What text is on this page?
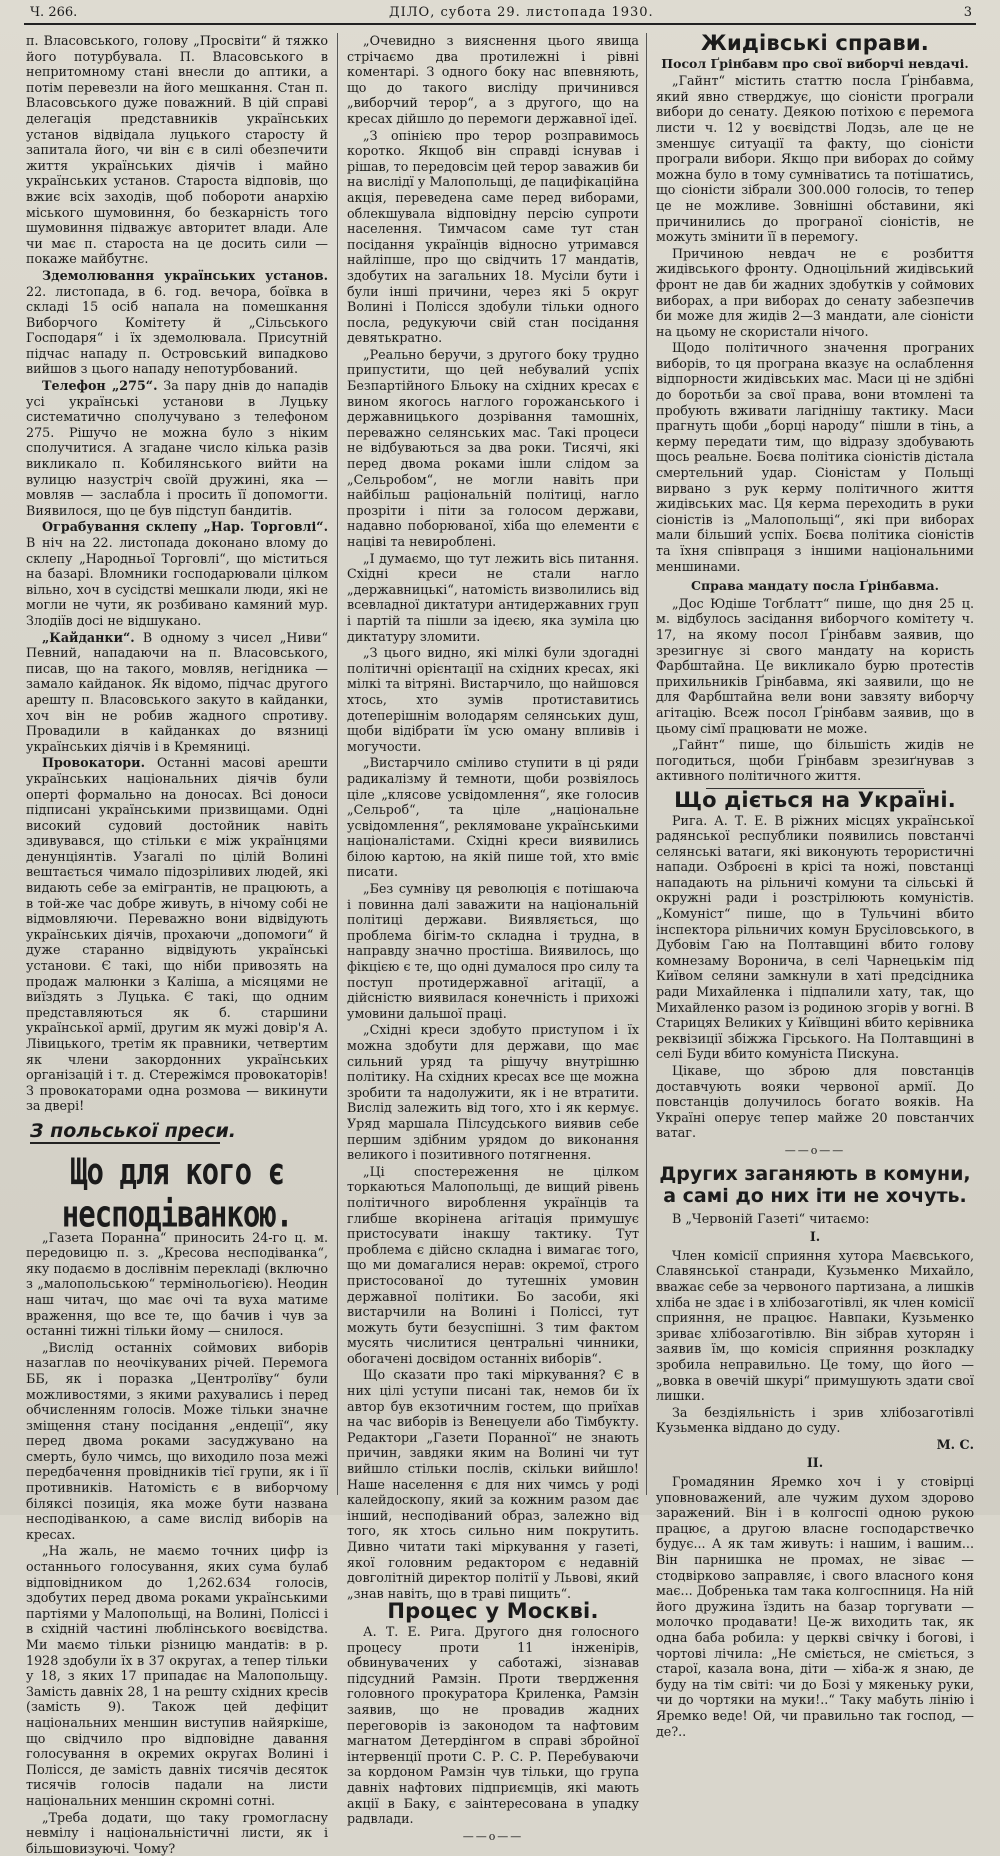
Ч. 266.	ДІЛО, субота 29. листопада 1930.	3

п. Власовського, голову „Просвіти“ й тяжко його потурбувала. П. Власовського в непритомному стані внесли до аптики, а потім перевезли на його мешкання. Стан п. Власовського дуже поважний. В цій справі делегація представників українських установ відвідала луцького старосту й запитала його, чи він є в силі обезпечити життя українських діячів і майно українських установ. Староста відповів, що вжиє всіх заходів, щоб побороти анархію міського шумовиння, бо безкарність того шумовиння підважує авторитет влади. Але чи має п. староста на це досить сили — покаже майбутнє.

Здемолювання українських установ. 22. листопада, в 6. год. вечора, боївка в складі 15 осіб напала на помешкання Виборчого Комітету й „Сільського Господаря“ і їх здемолювала. Присутній підчас нападу п. Островський випадково вийшов з цього нападу непотурбований.

Телефон „275“. За пару днів до нападів усі українські установи в Луцьку систематично сполучувано з телефоном 275. Рішучо не можна було з ніким сполучитися. А згадане число кілька разів викликало п. Кобилянського вийти на вулицю назустріч своїй дружині, яка — мовляв — заслабла і просить її допомогти. Виявилося, що це був підступ бандитів.

Ограбування склепу „Нар. Торговлі“. В ніч на 22. листопада доконано влому до склепу „Народньої Торговлі“, що міститься на базарі. Вломники господарювали цілком вільно, хоч в сусідстві мешкали люди, які не могли не чути, як розбивано камяний мур. Злодіїв досі не відшукано.

„Кайданки“. В одному з чисел „Ниви“ Певний, нападаючи на п. Власовського, писав, що на такого, мовляв, негідника — замало кайданок. Як відомо, підчас другого арешту п. Власовського закуто в кайданки, хоч він не робив жадного спротиву. Провадили в кайданках до вязниці українських діячів і в Кремяниці.

Провокатори. Останні масові арешти українських національних діячів були оперті формально на доносах. Всі доноси підписані українськими призвищами. Одні високий судовий достойник навіть здивувався, що стільки є між українцями денунціянтів. Узагалі по цілій Волині вештається чимало підозріливих людей, які видають себе за емігрантів, не працюють, а в той-же час добре живуть, в нічому собі не відмовляючи. Переважно вони відвідують українських діячів, прохаючи „допомоги“ й дуже старанно відвідують українські установи. Є такі, що ніби привозять на продаж малюнки з Каліша, а місяцями не виїздять з Луцька. Є такі, що одним представляються як б. старшини української армії, другим як мужі довір'я А. Лівицького, третім як правники, четвертим як члени закордонних українських організацій і т. д. Стережімся провокаторів! З провокаторами одна розмова — викинути за двері!

З польської преси.
Що для кого є несподіванкою.

„Газета Поранна“ приносить 24-го ц. м. передовицю п. з. „Кресова несподіванка“, яку подаємо в дослівнім перекладі (включно з „малопольською“ термінольогією). Неодин наш читач, що має очі та вуха матиме враження, що все те, що бачив і чув за останні тижні тільки йому — снилося.

„Вислід останніх соймових виборів назаглав по неочікуваних річей. Перемога ББ, як і поразка „Центролїву“ були можливостями, з якими рахувались і перед обчисленням голосів. Може тільки значне зміщення стану посідання „ендеції“, яку перед двома роками засуджувано на смерть, було чимсь, що виходило поза межі передбачення провідників тієї групи, як і її противників. Натомість є в виборчому біляксі позиція, яка може бути названа несподіванкою, а саме вислід виборів на кресах.

„На жаль, не маємо точних цифр із останнього голосування, яких сума булаб відповідником до 1,262.634 голосів, здобутих перед двома роками українськими партіями у Малопольщі, на Волині, Поліссі і в східній частині люблінського воєвідства. Ми маємо тільки різницю мандатів: в р. 1928 здобули їх в 37 округах, а тепер тільки у 18, з яких 17 припадає на Малопольщу. Замість давніх 28, 1 на решту східних кресів (замість 9). Також цей дефіцит національних меншин виступив найяркіше, що свідчило про відповідне давання голосування в окремих округах Волині і Полісся, де замість давніх тисячів десяток тисячів голосів падали на листи національних меншин скромні сотні.

„Треба додати, що таку громогласну невмілу і національністичні листи, як і більшовизуючі. Чому?

„Очевидно з вияснення цього явища стрічаємо два протилежні і рівні коментарі. З одного боку нас впевняють, що до такого висліду причинився „виборчий терор“, а з другого, що на кресах дійшло до перемоги державної ідеї.

„З опінією про терор розправимось коротко. Якщоб він справді існував і рішав, то передовсім цей терор заважив би на вислідї у Малопольщі, де пацифікаційна акція, переведена саме перед виборами, облекшувала відповідну персію супроти населення. Тимчасом саме тут стан посідання українців відносно утримався найліпше, про що свідчить 17 мандатів, здобутих на загальних 18. Мусіли бути і були інші причини, через які 5 округ Волині і Полісся здобули тільки одного посла, редукуючи свій стан посідання девятькратно.

„Реально беручи, з другого боку трудно припустити, що цей небувалий успіх Безпартійного Бльоку на східних кресах є вином якогось наглого горожанського і державницького дозрівання тамошніх, переважно селянських мас. Такі процеси не відбуваються за два роки. Тисячі, які перед двома роками ішли слідом за „Сельробом“, не могли навіть при найбільш раціональній політиці, нагло прозріти і піти за голосом держави, надавно поборюваної, хіба що елементи є націві та невироблені.

„І думаємо, що тут лежить вісь питання. Східні креси не стали нагло „державницькі“, натомість визволились від всевладної диктатури антидержавних груп і партій та пішли за ідеєю, яка зуміла цю диктатуру зломити.

„З цього видно, які мілкі були здогадні політичні орієнтації на східних кресах, які мілкі та вітряні. Вистарчило, що найшовся хтось, хто зумів протиставитись дотеперішнім володарям селянських душ, щоби відібрати їм усю оману впливів і могучости.

„Вистарчило сміливо ступити в ці ряди радикалізму й темноти, щоби розвіялось ціле „клясове усвідомлення“, яке голосив „Сельроб“, та ціле „національне усвідомлення“, реклямоване українськими націоналістами. Східні креси виявились білою картою, на якій пише той, хто вміє писати.

„Без сумніву ця революція є потішаюча і повинна далі заважити на національній політиці держави. Виявляється, що проблема бігім-то складна і трудна, в направду значно простіша. Виявилось, що фікцією є те, що одні думалося про силу та поступ протидержавної агітації, а дійсністю виявилася конечність і прихожі умовини дальшої праці.

„Східні креси здобуто приступом і їх можна здобути для держави, що має сильний уряд та рішучу внутрішню політику. На східних кресах все ще можна зробити та надолужити, як і не втратити. Вислід залежить від того, хто і як кермує. Уряд маршала Пілсудського виявив себе першим здібним урядом до виконання великого і позитивного потягнення.

„Ці спостереження не цілком торкаються Малопольщі, де вищий рівень політичного вироблення українців та глибше вкорінена агітація примушує пристосувати інакшу тактику. Тут проблема є дійсно складна і вимагає того, що ми домагалися нерав: окремої, строго пристосованої до тутешніх умовин державної політики. Бо засоби, які вистарчили на Волині і Поліссі, тут можуть бути безуспішні. З тим фактом мусять числитися центральні чинники, обогачені досвідом останніх виборів“.

Що сказати про такі міркування? Є в них цілі уступи писані так, немов би їх автор був екзотичним гостем, що приїхав на час виборів із Венецуели або Тімбукту. Редактори „Газети Поранної“ не знають причин, завдяки яким на Волині чи тут вийшло стільки послів, скільки вийшло! Наше населення є для них чимсь у роді калейдоскопу, який за кожним разом дає інший, несподіваний образ, залежно від того, як хтось сильно ним покрутить. Дивно читати такі міркування у газеті, якої головним редактором є недавній довголітній директор політії у Львові, який „знав навіть, що в траві пищить“.

Процес у Москві.

А. Т. Е. Рига. Другого дня голосного процесу проти 11 інженірів, обвинувачених у саботажі, зізнавав підсудний Рамзін. Проти твердження головного прокуратора Криленка, Рамзін заявив, що не провадив жадних переговорів із законодом та нафтовим магнатом Детердінгом в справі збройної інтервенції проти С. Р. С. Р. Перебуваючи за кордоном Рамзін чув тільки, що група давніх нафтових підприємців, які мають акції в Баку, є заінтересована в упадку радвлади.

——o——
Жидівські справи.
Посол Ґрінбавм про свої виборчі невдачі.

„Гайнт“ містить статтю посла Ґрінбавма, який явно стверджує, що сіоністи програли вибори до сенату. Деякою потіхою є перемога листи ч. 12 у воєвідстві Лодзь, але це не зменшує ситуації та факту, що сіоністи програли вибори. Якщо при виборах до сойму можна було в тому сумніватись та потішатись, що сіоністи зібрали 300.000 голосів, то тепер це не можливе. Зовнішні обставини, які причинились до програної сіоністів, не можуть змінити її в перемогу.

Причиною невдач не є розбиття жидівського фронту. Одноцільний жидівський фронт не дав би жадних здобутків у соймових виборах, а при виборах до сенату забезпечив би може для жидів 2—3 мандати, але сіоністи на цьому не скористали нічого.

Щодо політичного значення програних виборів, то ця програна вказує на ослаблення відпорности жидівських мас. Маси ці не здібні до боротьби за свої права, вони втомлені та пробують вживати лагіднішу тактику. Маси прагнуть щоби „борці народу“ пішли в тінь, а керму передати тим, що відразу здобувають щось реальне. Боєва політика сіоністів дістала смертельний удар. Сіоністам у Польщі вирвано з рук керму політичного життя жидівських мас. Ця керма переходить в руки сіоністів із „Малопольщі“, які при виборах мали більший успіх. Боєва політика сіоністів та їхня співпраця з іншими національними меншинами.

Справа мандату посла Ґрінбавма.

„Дос Юдіше Тогблатт“ пише, що дня 25 ц. м. відбулось засідання виборчого комітету ч. 17, на якому посол Ґрінбавм заявив, що зрезигнує зі свого мандату на користь Фарбштайна. Це викликало бурю протестів прихильників Ґрінбавма, які заявили, що не для Фарбштайна вели вони завзяту виборчу агітацію. Всеж посол Ґрінбавм заявив, що в цьому сімї працювати не може.

„Гайнт“ пише, що більшість жидів не погодиться, щоби Ґрінбавм зрезиґнував з активного політичного життя.

Що діється на Україні.

Рига. А. Т. Е. В ріжних місцях української радянської республики появились повстанчі селянські ватаги, які виконують терористичні напади. Озброєні в крісі та ножі, повстанці нападають на рільничі комуни та сільські й окружні ради і розстрілюють комуністів. „Комуніст“ пише, що в Тульчині вбито інспектора рільничих комун Брусіловського, в Дубовім Гаю на Полтавщині вбито голову комнезаму Воронича, в селі Чарнецькім під Київом селяни замкнули в хаті предсідника ради Михайленка і підпалили хату, так, що Михайленко разом із родиною згорів у вогні. В Старицях Великих у Київщині вбито керівника реквізиції збіжжа Гірського. На Полтавщині в селі Буди вбито комуніста Пискуна.

Цікаве, що зброю для повстанців доставчують вояки червоної армії. До повстанців долучилось богато вояків. На Україні оперує тепер майже 20 повстанчих ватаг.

——o——
Других заганяють в комуни, а самі до них іти не хочуть.

В „Червоній Газеті“ читаємо:

I.

Член комісії сприяння хутора Маєвського, Славянської станради, Кузьменко Михайло, вважає себе за червоного партизана, а лишків хліба не здає і в хлібозаготівлі, як член комісії сприяння, не працює. Навпаки, Кузьменко зриває хлібозаготівлю. Він зібрав хуторян і заявив їм, що комісія сприяння розкладку зробила неправильно. Це тому, що його — „вовка в овечій шкурі“ примушують здати свої лишки.

За бездіяльність і зрив хлібозаготівлі Кузьменка віддано до суду.

М. С.

II.

Громадянин Яремко хоч і у стовірці уповноважений, але чужим духом здорово заражений. Він і в колгоспі одною рукою працює, а другою власне господарствечко будує... А як там живуть: і нашим, і вашим... Він парнишка не промах, не зіває — стодвірково заправляє, і свого власного коня має... Добренька там така колгоспниця. На ній його дружина їздить на базар торгувати — молочко продавати! Це-ж виходить так, як одна баба робила: у церкві свічку і богові, і чортові лічила: „Не сміється, не сміється, з старої, казала вона, діти — хіба-ж я знаю, де буду на тім світі: чи до Бозі у мякеньку руки, чи до чортяки на муки!..“ Таку мабуть лінію і Яремко веде! Ой, чи правильно так господ, — де?..
